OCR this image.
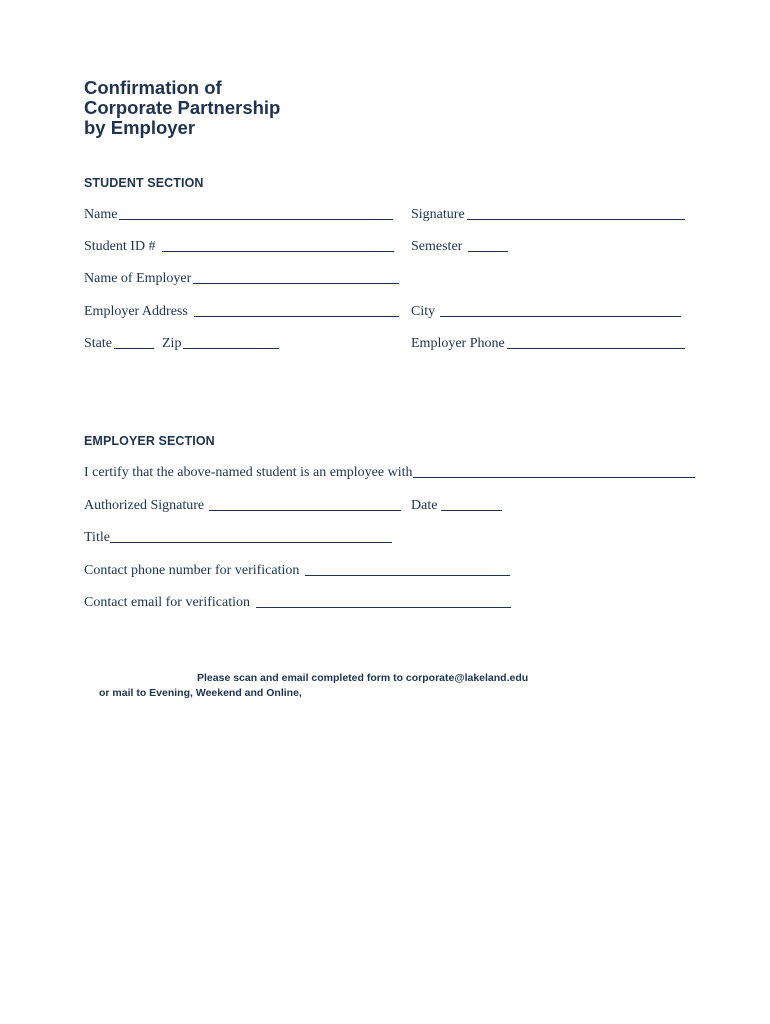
Confirmation of
Corporate Partnership
by Employer
STUDENT SECTION
Name	Signature
Student ID #	Semester
Name of Employer
Employer Address	City
State	Zip	Employer Phone
EMPLOYER SECTION
I certify that the above-named student is an employee with
Authorized Signature	Date
Title
Contact phone number for verification
Contact email for verification
Please scan and email completed form to corporate@lakeland.edu
or mail to Evening, Weekend and Online,
